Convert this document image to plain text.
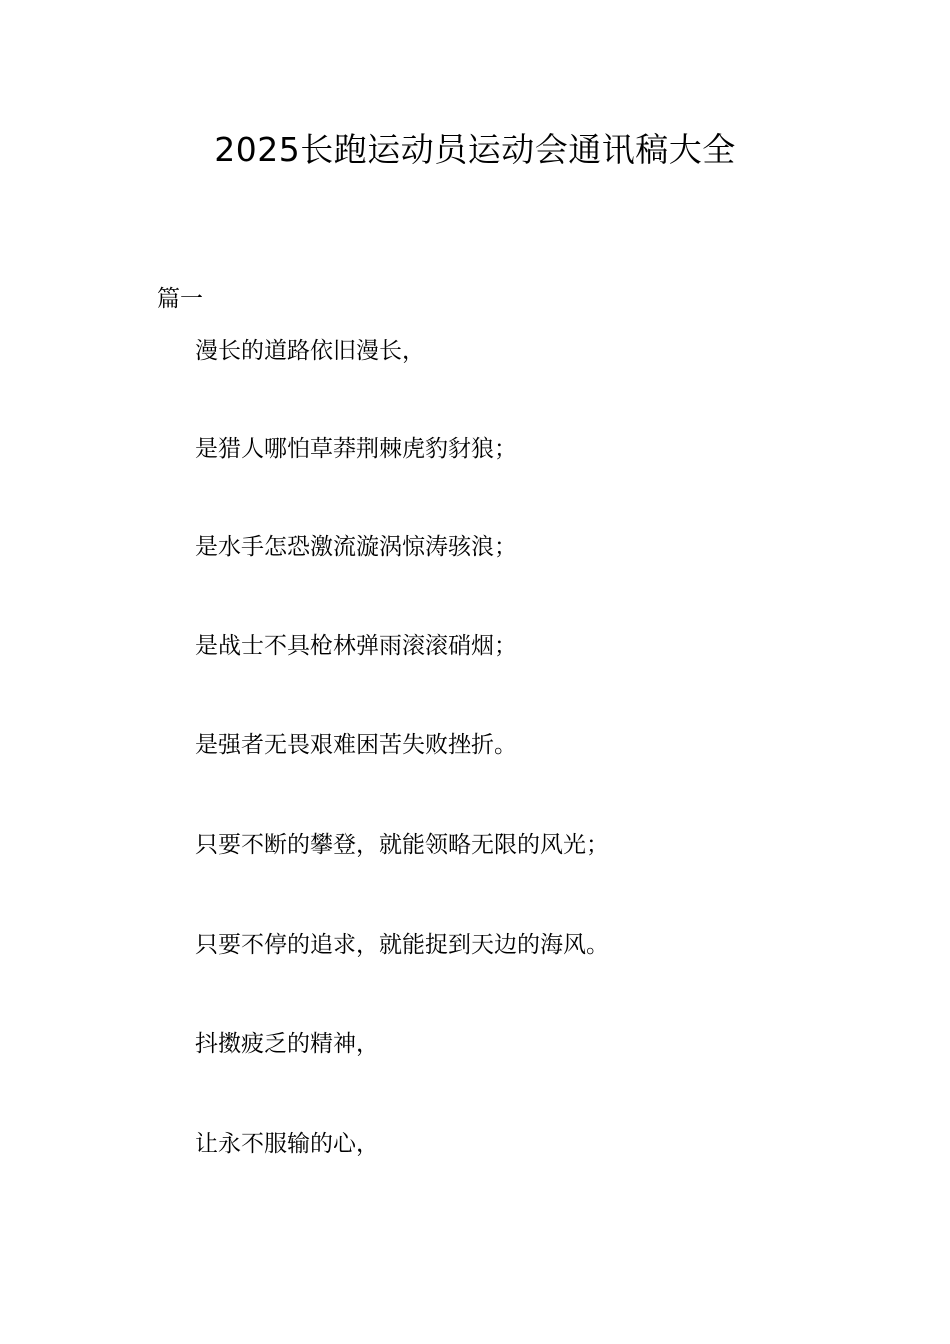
2025长跑运动员运动会通讯稿大全

篇一

漫长的道路依旧漫长，

是猎人哪怕草莽荆棘虎豹豺狼；

是水手怎恐激流漩涡惊涛骇浪；

是战士不具枪林弹雨滚滚硝烟；

是强者无畏艰难困苦失败挫折。

只要不断的攀登，就能领略无限的风光；

只要不停的追求，就能捉到天边的海风。

抖擞疲乏的精神，

让永不服输的心，
